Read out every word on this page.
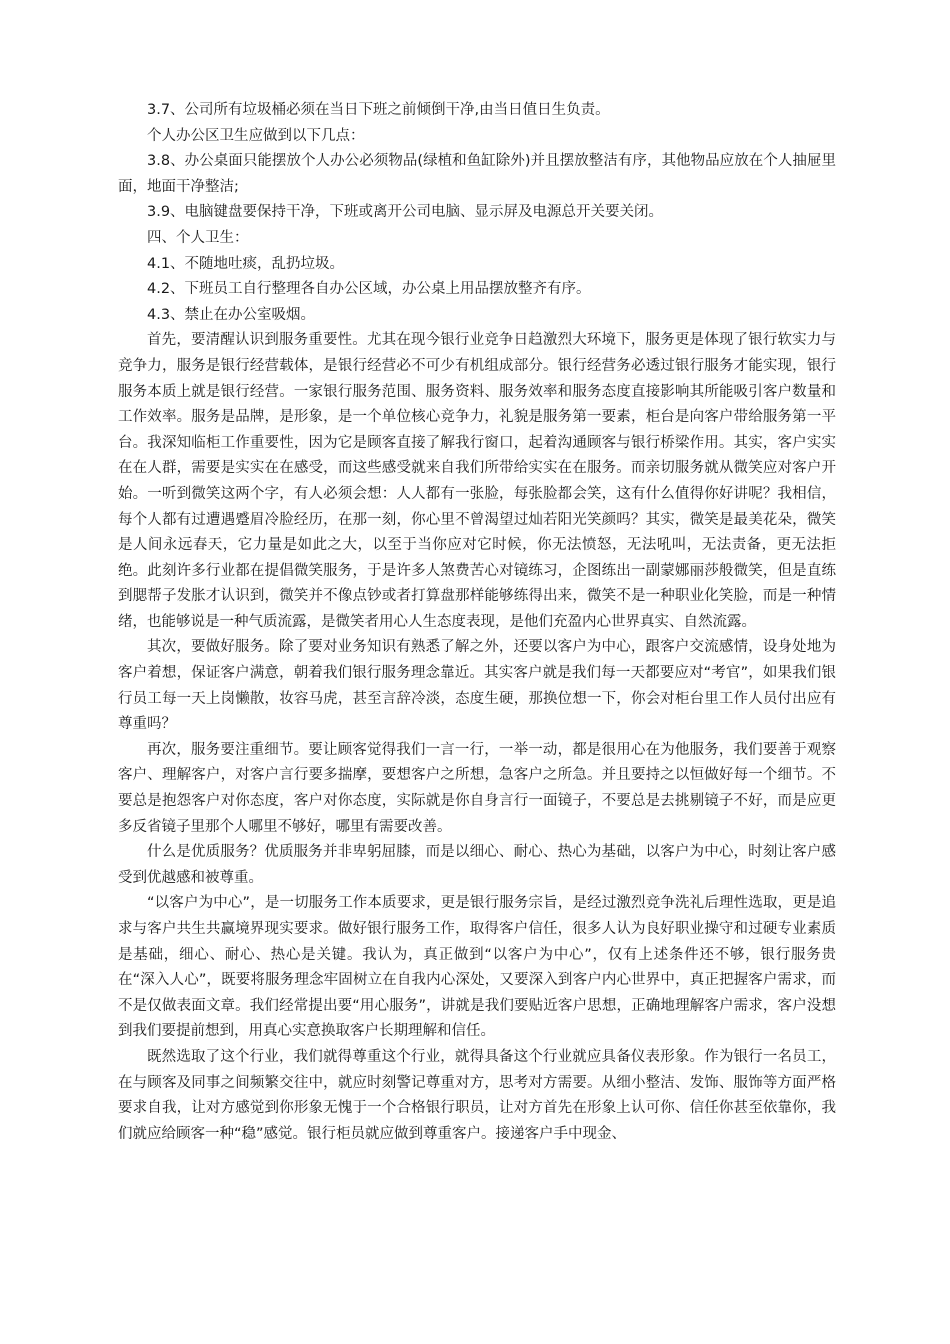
3.7、公司所有垃圾桶必须在当日下班之前倾倒干净,由当日值日生负责。

个人办公区卫生应做到以下几点：

3.8、办公桌面只能摆放个人办公必须物品(绿植和鱼缸除外)并且摆放整洁有序，其他物品应放在个人抽屉里面，地面干净整洁;

3.9、电脑键盘要保持干净，下班或离开公司电脑、显示屏及电源总开关要关闭。

四、个人卫生：

4.1、不随地吐痰，乱扔垃圾。

4.2、下班员工自行整理各自办公区域，办公桌上用品摆放整齐有序。

4.3、禁止在办公室吸烟。

首先，要清醒认识到服务重要性。尤其在现今银行业竞争日趋激烈大环境下，服务更是体现了银行软实力与竞争力，服务是银行经营载体，是银行经营必不可少有机组成部分。银行经营务必透过银行服务才能实现，银行服务本质上就是银行经营。一家银行服务范围、服务资料、服务效率和服务态度直接影响其所能吸引客户数量和工作效率。服务是品牌，是形象，是一个单位核心竞争力，礼貌是服务第一要素，柜台是向客户带给服务第一平台。我深知临柜工作重要性，因为它是顾客直接了解我行窗口，起着沟通顾客与银行桥梁作用。其实，客户实实在在人群，需要是实实在在感受，而这些感受就来自我们所带给实实在在服务。而亲切服务就从微笑应对客户开始。一听到微笑这两个字，有人必须会想：人人都有一张脸，每张脸都会笑，这有什么值得你好讲呢？我相信，每个人都有过遭遇蹙眉冷脸经历，在那一刻，你心里不曾渴望过灿若阳光笑颜吗？其实，微笑是最美花朵，微笑是人间永远春天，它力量是如此之大，以至于当你应对它时候，你无法愤怒，无法吼叫，无法责备，更无法拒绝。此刻许多行业都在提倡微笑服务，于是许多人煞费苦心对镜练习，企图练出一副蒙娜丽莎般微笑，但是直练到腮帮子发胀才认识到，微笑并不像点钞或者打算盘那样能够练得出来，微笑不是一种职业化笑脸，而是一种情绪，也能够说是一种气质流露，是微笑者用心人生态度表现，是他们充盈内心世界真实、自然流露。

其次，要做好服务。除了要对业务知识有熟悉了解之外，还要以客户为中心，跟客户交流感情，设身处地为客户着想，保证客户满意，朝着我们银行服务理念靠近。其实客户就是我们每一天都要应对“考官”，如果我们银行员工每一天上岗懒散，妆容马虎，甚至言辞冷淡，态度生硬，那换位想一下，你会对柜台里工作人员付出应有尊重吗？

再次，服务要注重细节。要让顾客觉得我们一言一行，一举一动，都是很用心在为他服务，我们要善于观察客户、理解客户，对客户言行要多揣摩，要想客户之所想，急客户之所急。并且要持之以恒做好每一个细节。不要总是抱怨客户对你态度，客户对你态度，实际就是你自身言行一面镜子，不要总是去挑剔镜子不好，而是应更多反省镜子里那个人哪里不够好，哪里有需要改善。

什么是优质服务？优质服务并非卑躬屈膝，而是以细心、耐心、热心为基础，以客户为中心，时刻让客户感受到优越感和被尊重。

“以客户为中心”，是一切服务工作本质要求，更是银行服务宗旨，是经过激烈竞争洗礼后理性选取，更是追求与客户共生共赢境界现实要求。做好银行服务工作，取得客户信任，很多人认为良好职业操守和过硬专业素质是基础，细心、耐心、热心是关键。我认为，真正做到“以客户为中心”，仅有上述条件还不够，银行服务贵在“深入人心”，既要将服务理念牢固树立在自我内心深处，又要深入到客户内心世界中，真正把握客户需求，而不是仅做表面文章。我们经常提出要“用心服务”，讲就是我们要贴近客户思想，正确地理解客户需求，客户没想到我们要提前想到，用真心实意换取客户长期理解和信任。

既然选取了这个行业，我们就得尊重这个行业，就得具备这个行业就应具备仪表形象。作为银行一名员工，在与顾客及同事之间频繁交往中，就应时刻警记尊重对方，思考对方需要。从细小整洁、发饰、服饰等方面严格要求自我，让对方感觉到你形象无愧于一个合格银行职员，让对方首先在形象上认可你、信任你甚至依靠你，我们就应给顾客一种“稳”感觉。银行柜员就应做到尊重客户。接递客户手中现金、
